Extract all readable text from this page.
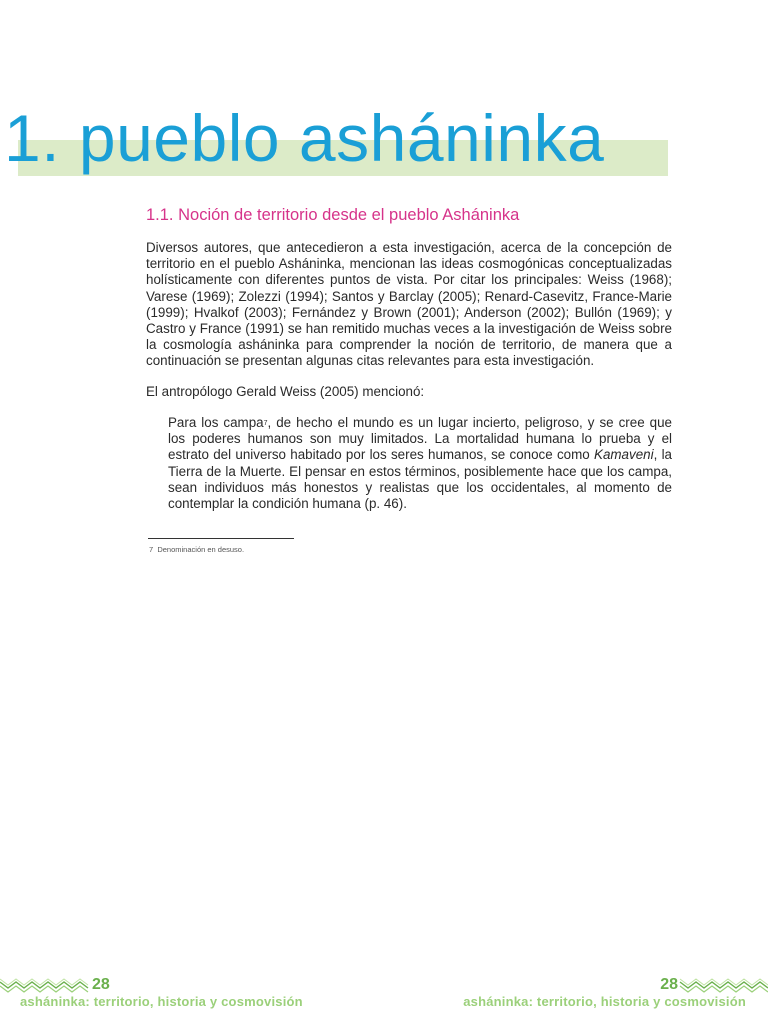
1. pueblo asháninka
1.1. Noción de territorio desde el pueblo Asháninka

Diversos autores, que antecedieron a esta investigación, acerca de la concepción de territorio en el pueblo Asháninka, mencionan las ideas cosmogónicas conceptualizadas holísticamente con diferentes puntos de vista. Por citar los principales: Weiss (1968); Varese (1969); Zolezzi (1994); Santos y Barclay (2005); Renard-Casevitz, France-Marie (1999); Hvalkof (2003); Fernández y Brown (2001); Anderson (2002); Bullón (1969); y Castro y France (1991) se han remitido muchas veces a la investigación de Weiss sobre la cosmología asháninka para comprender la noción de territorio, de manera que a continuación se presentan algunas citas relevantes para esta investigación.

El antropólogo Gerald Weiss (2005) mencionó:

Para los campa$^7$, de hecho el mundo es un lugar incierto, peligroso, y se cree que los poderes humanos son muy limitados. La mortalidad humana lo prueba y el estrato del universo habitado por los seres humanos, se conoce como Kamaveni, la Tierra de la Muerte. El pensar en estos términos, posiblemente hace que los campa, sean individuos más honestos y realistas que los occidentales, al momento de contemplar la condición humana (p. 46).

7 Denominación en desuso.

28
asháninka: territorio, historia y cosmovisión
28
asháninka: territorio, historia y cosmovisión
